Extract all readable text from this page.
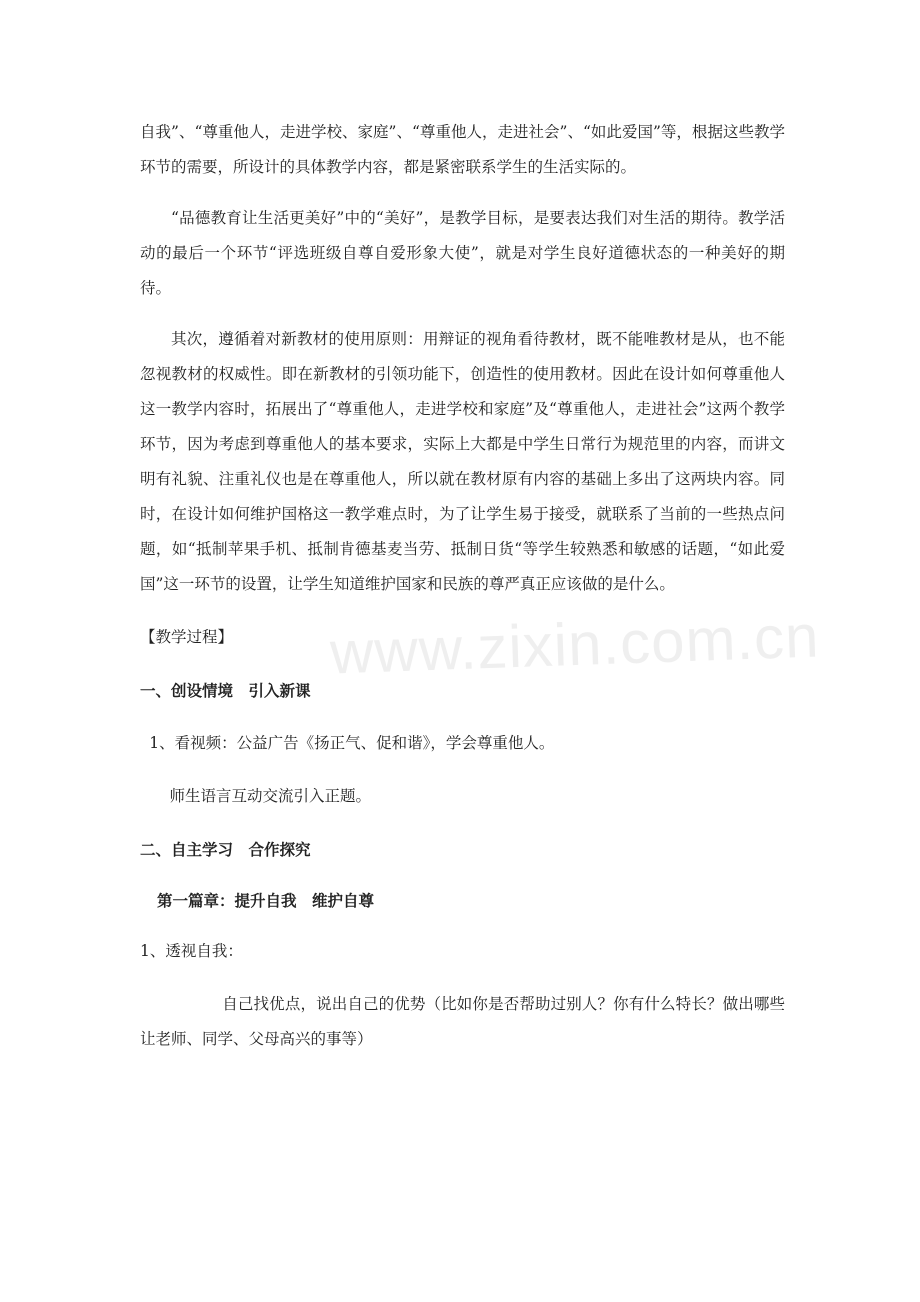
www.zixin.com.cn

自我”、“尊重他人，走进学校、家庭”、“尊重他人，走进社会”、“如此爱国”等，根据这些教学环节的需要，所设计的具体教学内容，都是紧密联系学生的生活实际的。

“品德教育让生活更美好”中的“美好”，是教学目标，是要表达我们对生活的期待。教学活动的最后一个环节“评选班级自尊自爱形象大使”，就是对学生良好道德状态的一种美好的期待。

其次，遵循着对新教材的使用原则：用辩证的视角看待教材，既不能唯教材是从，也不能忽视教材的权威性。即在新教材的引领功能下，创造性的使用教材。因此在设计如何尊重他人这一教学内容时，拓展出了“尊重他人，走进学校和家庭”及“尊重他人，走进社会”这两个教学环节，因为考虑到尊重他人的基本要求，实际上大都是中学生日常行为规范里的内容，而讲文明有礼貌、注重礼仪也是在尊重他人，所以就在教材原有内容的基础上多出了这两块内容。同时，在设计如何维护国格这一教学难点时，为了让学生易于接受，就联系了当前的一些热点问题，如“抵制苹果手机、抵制肯德基麦当劳、抵制日货“等学生较熟悉和敏感的话题，“如此爱国”这一环节的设置，让学生知道维护国家和民族的尊严真正应该做的是什么。

【教学过程】

一、创设情境　引入新课

1、看视频：公益广告《扬正气、促和谐》，学会尊重他人。

师生语言互动交流引入正题。

二、自主学习　合作探究

第一篇章：提升自我　维护自尊

1、透视自我：

自己找优点，说出自己的优势（比如你是否帮助过别人？你有什么特长？做出哪些让老师、同学、父母高兴的事等）
